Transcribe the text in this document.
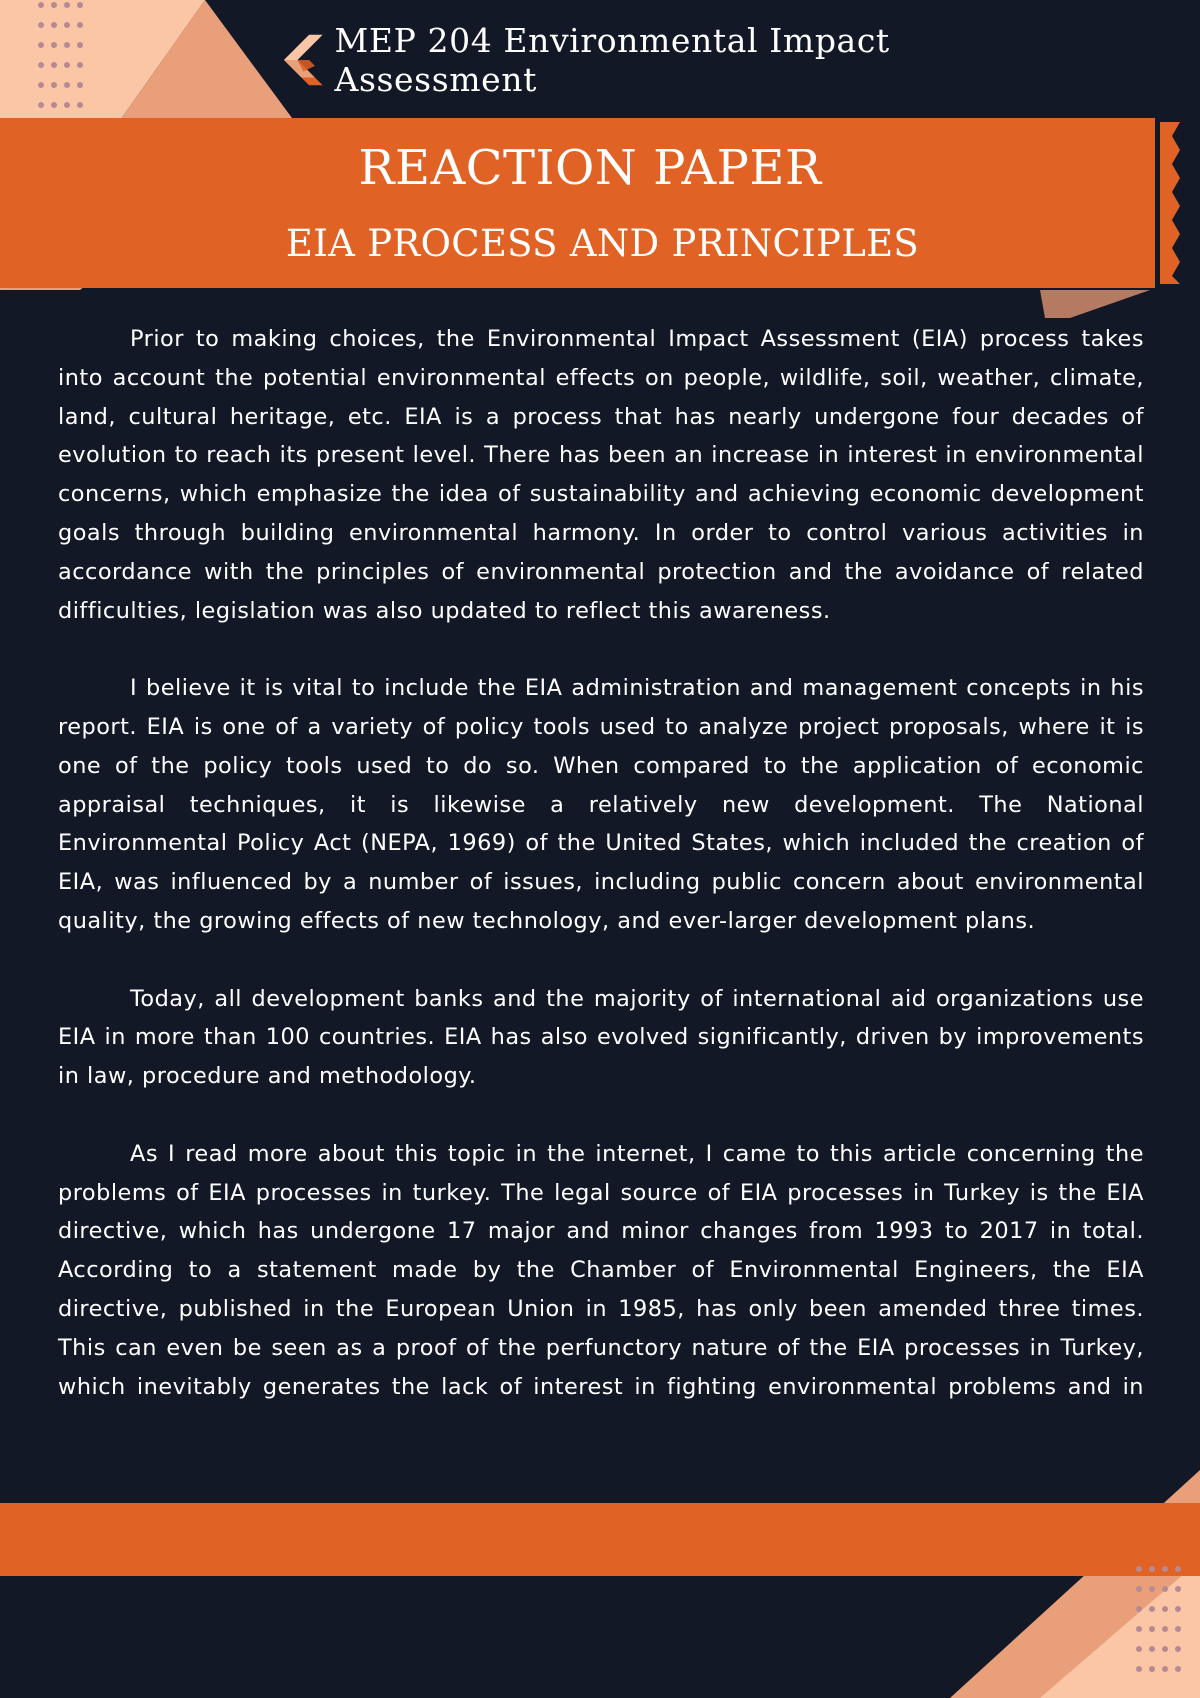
MEP 204 Environmental Impact Assessment
REACTION PAPER
EIA PROCESS AND PRINCIPLES

Prior to making choices, the Environmental Impact Assessment (EIA) process takes into account the potential environmental effects on people, wildlife, soil, weather, climate, land, cultural heritage, etc. EIA is a process that has nearly undergone four decades of evolution to reach its present level. There has been an increase in interest in environmental concerns, which emphasize the idea of sustainability and achieving economic development goals through building environmental harmony. In order to control various activities in accordance with the principles of environmental protection and the avoidance of related difficulties, legislation was also updated to reflect this awareness.

I believe it is vital to include the EIA administration and management concepts in his report. EIA is one of a variety of policy tools used to analyze project proposals, where it is one of the policy tools used to do so. When compared to the application of economic appraisal techniques, it is likewise a relatively new development. The National Environmental Policy Act (NEPA, 1969) of the United States, which included the creation of EIA, was influenced by a number of issues, including public concern about environmental quality, the growing effects of new technology, and ever-larger development plans.

Today, all development banks and the majority of international aid organizations use EIA in more than 100 countries. EIA has also evolved significantly, driven by improvements in law, procedure and methodology.

As I read more about this topic in the internet, I came to this article concerning the problems of EIA processes in turkey. The legal source of EIA processes in Turkey is the EIA directive, which has undergone 17 major and minor changes from 1993 to 2017 in total. According to a statement made by the Chamber of Environmental Engineers, the EIA directive, published in the European Union in 1985, has only been amended three times. This can even be seen as a proof of the perfunctory nature of the EIA processes in Turkey, which inevitably generates the lack of interest in fighting environmental problems and in
